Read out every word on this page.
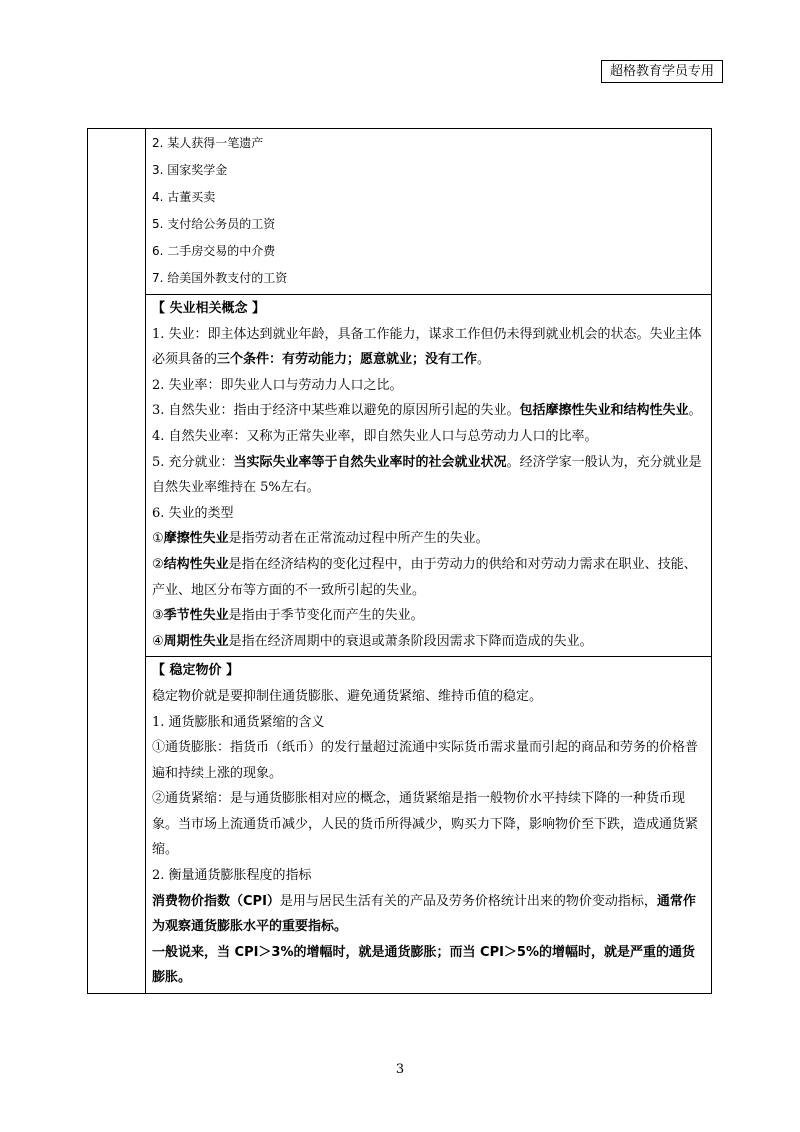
超格教育学员专用

2. 某人获得一笔遗产

3. 国家奖学金

4. 古董买卖

5. 支付给公务员的工资

6. 二手房交易的中介费

7. 给美国外教支付的工资

【 失业相关概念 】

1. 失业：即主体达到就业年龄，具备工作能力，谋求工作但仍未得到就业机会的状态。失业主体必须具备的三个条件：有劳动能力；愿意就业；没有工作。

2. 失业率：即失业人口与劳动力人口之比。

3. 自然失业：指由于经济中某些难以避免的原因所引起的失业。包括摩擦性失业和结构性失业。

4. 自然失业率：又称为正常失业率，即自然失业人口与总劳动力人口的比率。

5. 充分就业：当实际失业率等于自然失业率时的社会就业状况。经济学家一般认为，充分就业是自然失业率维持在 5%左右。

6. 失业的类型

①摩擦性失业是指劳动者在正常流动过程中所产生的失业。

②结构性失业是指在经济结构的变化过程中，由于劳动力的供给和对劳动力需求在职业、技能、产业、地区分布等方面的不一致所引起的失业。

③季节性失业是指由于季节变化而产生的失业。

④周期性失业是指在经济周期中的衰退或萧条阶段因需求下降而造成的失业。

【 稳定物价 】

稳定物价就是要抑制住通货膨胀、避免通货紧缩、维持币值的稳定。

1. 通货膨胀和通货紧缩的含义

①通货膨胀：指货币（纸币）的发行量超过流通中实际货币需求量而引起的商品和劳务的价格普遍和持续上涨的现象。

②通货紧缩：是与通货膨胀相对应的概念，通货紧缩是指一般物价水平持续下降的一种货币现象。当市场上流通货币减少，人民的货币所得减少，购买力下降，影响物价至下跌，造成通货紧缩。

2. 衡量通货膨胀程度的指标

消费物价指数（CPI）是用与居民生活有关的产品及劳务价格统计出来的物价变动指标，通常作为观察通货膨胀水平的重要指标。

一般说来，当 CPI＞3%的增幅时，就是通货膨胀；而当 CPI＞5%的增幅时，就是严重的通货膨胀。

3
